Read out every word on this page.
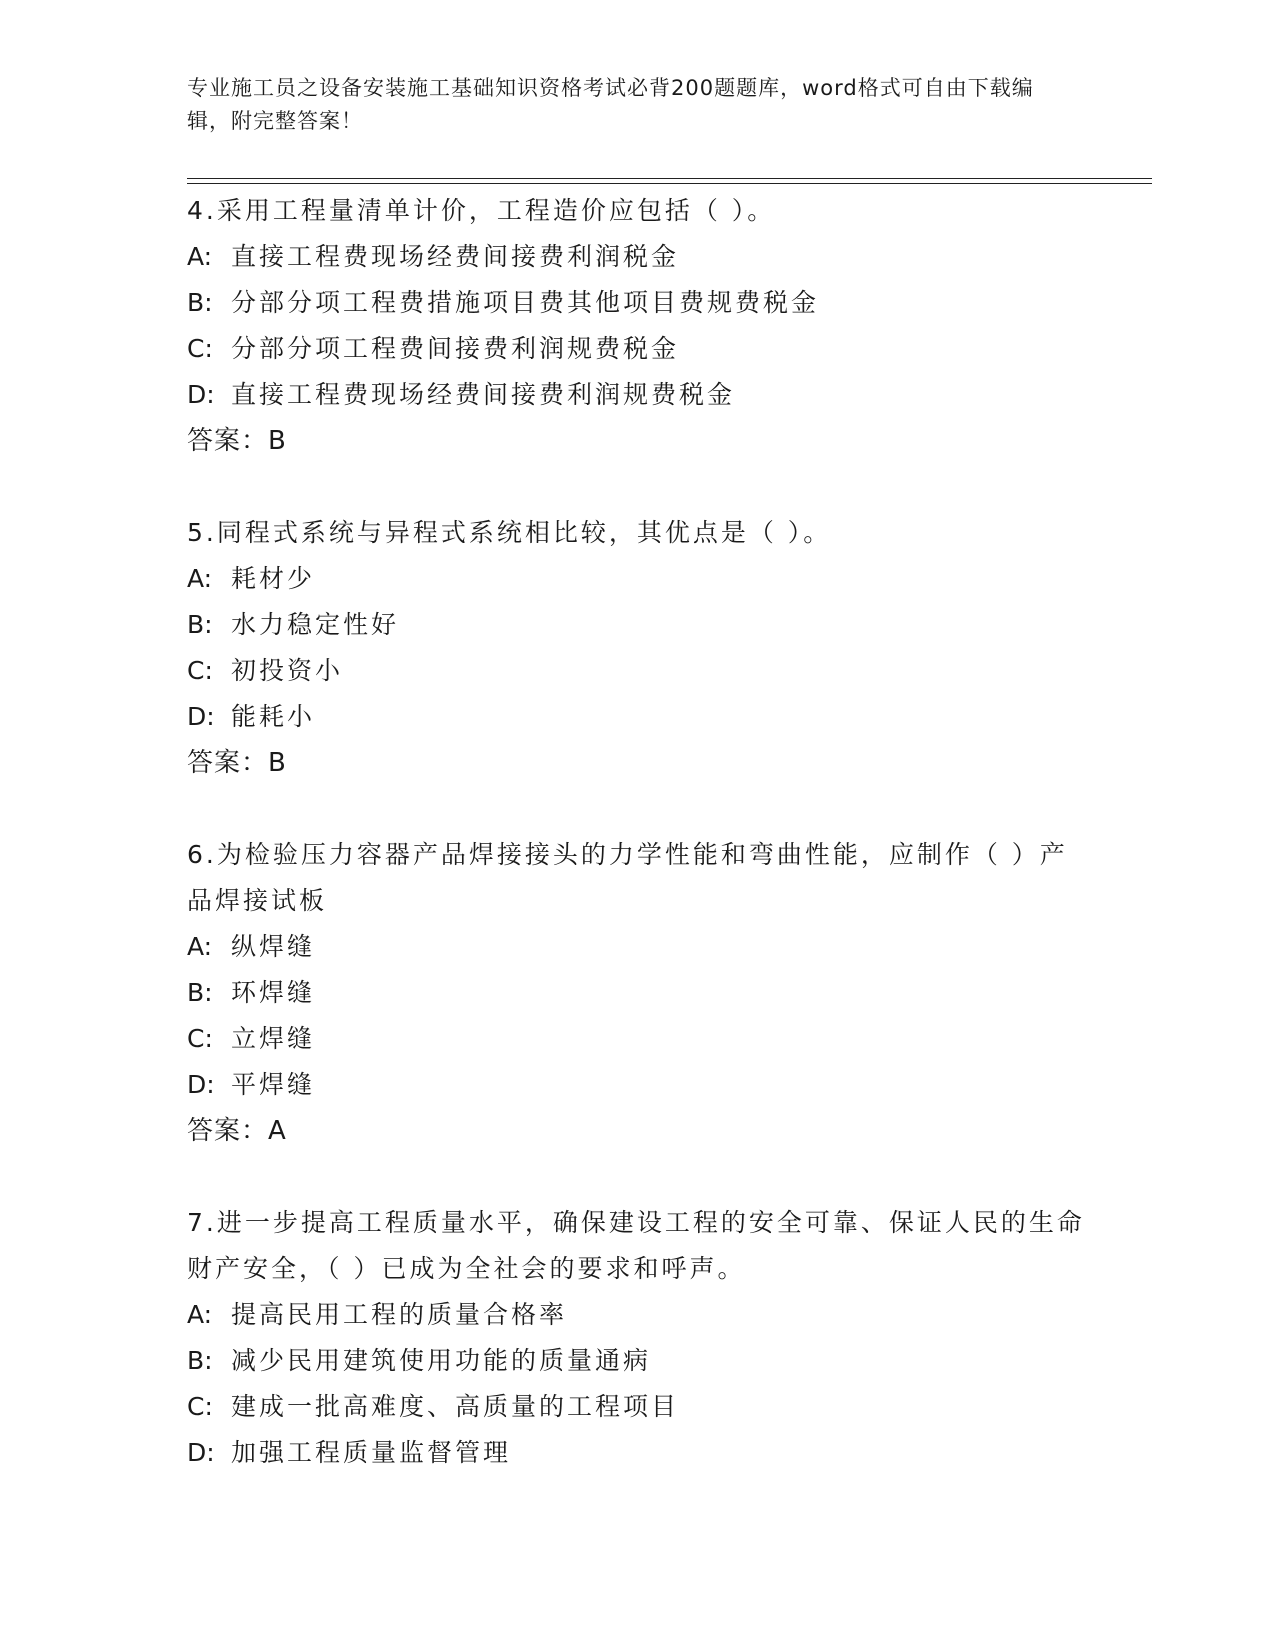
专业施工员之设备安装施工基础知识资格考试必背200题题库，word格式可自由下载编辑，附完整答案！
4.采用工程量清单计价，工程造价应包括（ ）。
A: 直接工程费现场经费间接费利润税金
B: 分部分项工程费措施项目费其他项目费规费税金
C: 分部分项工程费间接费利润规费税金
D: 直接工程费现场经费间接费利润规费税金
答案：B
5.同程式系统与异程式系统相比较，其优点是（ ）。
A: 耗材少
B: 水力稳定性好
C: 初投资小
D: 能耗小
答案：B
6.为检验压力容器产品焊接接头的力学性能和弯曲性能，应制作（ ）产品焊接试板
A: 纵焊缝
B: 环焊缝
C: 立焊缝
D: 平焊缝
答案：A
7.进一步提高工程质量水平，确保建设工程的安全可靠、保证人民的生命财产安全，（ ）已成为全社会的要求和呼声。
A: 提高民用工程的质量合格率
B: 减少民用建筑使用功能的质量通病
C: 建成一批高难度、高质量的工程项目
D: 加强工程质量监督管理
